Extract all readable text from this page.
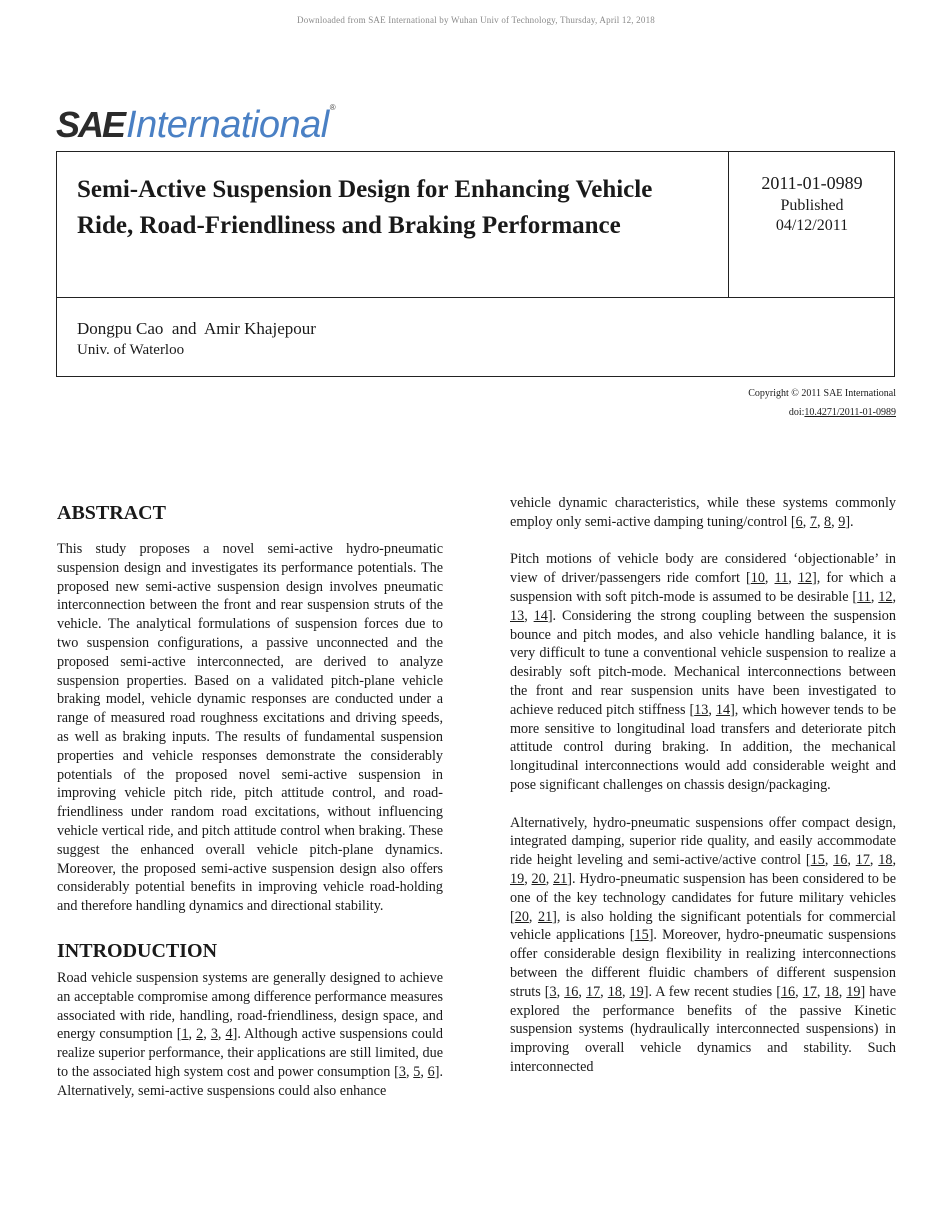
Downloaded from SAE International by Wuhan Univ of Technology, Thursday, April 12, 2018
SAE International ®
Semi-Active Suspension Design for Enhancing Vehicle Ride, Road-Friendliness and Braking Performance
2011-01-0989
Published
04/12/2011
Dongpu Cao  and  Amir Khajepour
Univ. of Waterloo
Copyright © 2011 SAE International
doi:10.4271/2011-01-0989
ABSTRACT

This study proposes a novel semi-active hydro-pneumatic suspension design and investigates its performance potentials. The proposed new semi-active suspension design involves pneumatic interconnection between the front and rear suspension struts of the vehicle. The analytical formulations of suspension forces due to two suspension configurations, a passive unconnected and the proposed semi-active interconnected, are derived to analyze suspension properties. Based on a validated pitch-plane vehicle braking model, vehicle dynamic responses are conducted under a range of measured road roughness excitations and driving speeds, as well as braking inputs. The results of fundamental suspension properties and vehicle responses demonstrate the considerably potentials of the proposed novel semi-active suspension in improving vehicle pitch ride, pitch attitude control, and road-friendliness under random road excitations, without influencing vehicle vertical ride, and pitch attitude control when braking. These suggest the enhanced overall vehicle pitch-plane dynamics. Moreover, the proposed semi-active suspension design also offers considerably potential benefits in improving vehicle road-holding and therefore handling dynamics and directional stability.

INTRODUCTION

Road vehicle suspension systems are generally designed to achieve an acceptable compromise among difference performance measures associated with ride, handling, road-friendliness, design space, and energy consumption [1, 2, 3, 4]. Although active suspensions could realize superior performance, their applications are still limited, due to the associated high system cost and power consumption [3, 5, 6]. Alternatively, semi-active suspensions could also enhance

vehicle dynamic characteristics, while these systems commonly employ only semi-active damping tuning/control [6, 7, 8, 9].

Pitch motions of vehicle body are considered ‘objectionable’ in view of driver/passengers ride comfort [10, 11, 12], for which a suspension with soft pitch-mode is assumed to be desirable [11, 12, 13, 14]. Considering the strong coupling between the suspension bounce and pitch modes, and also vehicle handling balance, it is very difficult to tune a conventional vehicle suspension to realize a desirably soft pitch-mode. Mechanical interconnections between the front and rear suspension units have been investigated to achieve reduced pitch stiffness [13, 14], which however tends to be more sensitive to longitudinal load transfers and deteriorate pitch attitude control during braking. In addition, the mechanical longitudinal interconnections would add considerable weight and pose significant challenges on chassis design/packaging.

Alternatively, hydro-pneumatic suspensions offer compact design, integrated damping, superior ride quality, and easily accommodate ride height leveling and semi-active/active control [15, 16, 17, 18, 19, 20, 21]. Hydro-pneumatic suspension has been considered to be one of the key technology candidates for future military vehicles [20, 21], is also holding the significant potentials for commercial vehicle applications [15]. Moreover, hydro-pneumatic suspensions offer considerable design flexibility in realizing interconnections between the different fluidic chambers of different suspension struts [3, 16, 17, 18, 19]. A few recent studies [16, 17, 18, 19] have explored the performance benefits of the passive Kinetic suspension systems (hydraulically interconnected suspensions) in improving overall vehicle dynamics and stability. Such interconnected
